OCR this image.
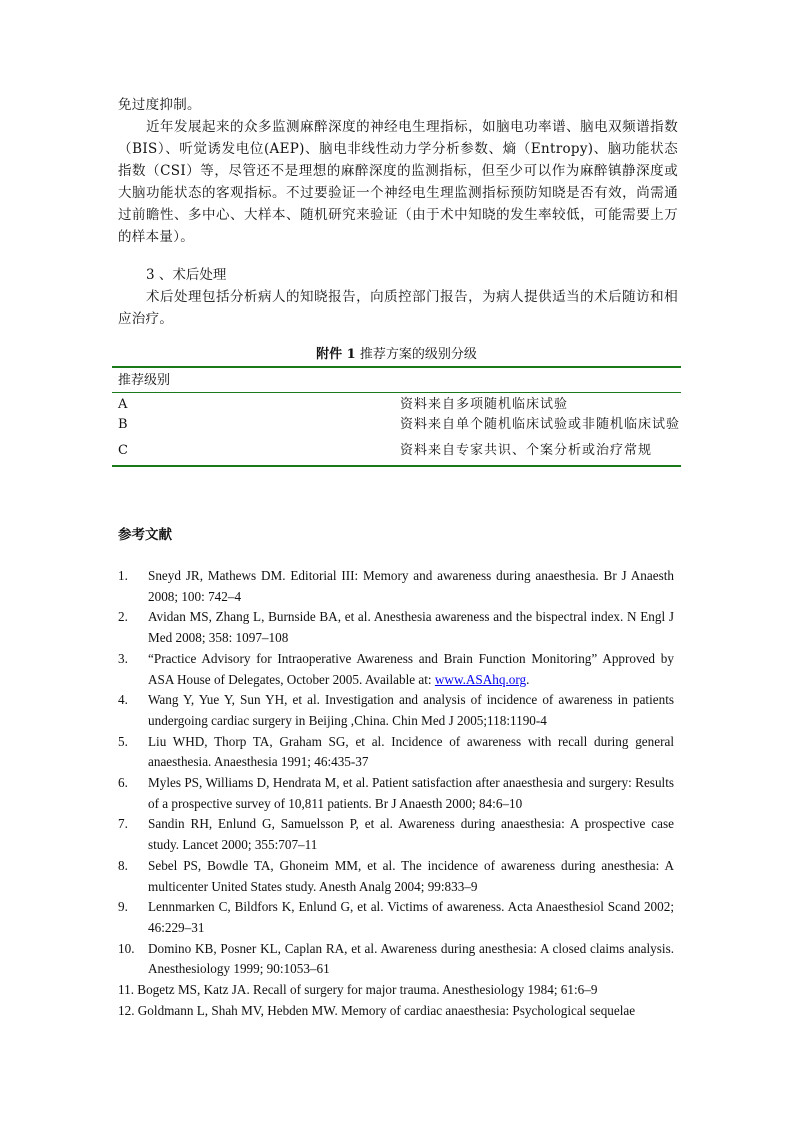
免过度抑制。

近年发展起来的众多监测麻醉深度的神经电生理指标，如脑电功率谱、脑电双频谱指数（BIS）、听觉诱发电位(AEP)、脑电非线性动力学分析参数、熵（Entropy)、脑功能状态指数（CSI）等，尽管还不是理想的麻醉深度的监测指标，但至少可以作为麻醉镇静深度或大脑功能状态的客观指标。不过要验证一个神经电生理监测指标预防知晓是否有效，尚需通过前瞻性、多中心、大样本、随机研究来验证（由于术中知晓的发生率较低，可能需要上万的样本量）。

3 、术后处理

术后处理包括分析病人的知晓报告，向质控部门报告，为病人提供适当的术后随访和相应治疗。

附件 1 推荐方案的级别分级
推荐级别
A	资料来自多项随机临床试验
B	资料来自单个随机临床试验或非随机临床试验
C	资料来自专家共识、个案分析或治疗常规
参考文献
1. Sneyd JR, Mathews DM. Editorial III: Memory and awareness during anaesthesia. Br J Anaesth 2008; 100: 742–4
2. Avidan MS, Zhang L, Burnside BA, et al. Anesthesia awareness and the bispectral index. N Engl J Med 2008; 358: 1097–108
3. “Practice Advisory for Intraoperative Awareness and Brain Function Monitoring” Approved by ASA House of Delegates, October 2005. Available at: www.ASAhq.org.
4. Wang Y, Yue Y, Sun YH, et al. Investigation and analysis of incidence of awareness in patients undergoing cardiac surgery in Beijing ,China. Chin Med J 2005;118:1190-4
5. Liu WHD, Thorp TA, Graham SG, et al. Incidence of awareness with recall during general anaesthesia. Anaesthesia 1991; 46:435-37
6. Myles PS, Williams D, Hendrata M, et al. Patient satisfaction after anaesthesia and surgery: Results of a prospective survey of 10,811 patients. Br J Anaesth 2000; 84:6–10
7. Sandin RH, Enlund G, Samuelsson P, et al. Awareness during anaesthesia: A prospective case study. Lancet 2000; 355:707–11
8. Sebel PS, Bowdle TA, Ghoneim MM, et al. The incidence of awareness during anesthesia: A multicenter United States study. Anesth Analg 2004; 99:833–9
9. Lennmarken C, Bildfors K, Enlund G, et al. Victims of awareness. Acta Anaesthesiol Scand 2002; 46:229–31
10. Domino KB, Posner KL, Caplan RA, et al. Awareness during anesthesia: A closed claims analysis. Anesthesiology 1999; 90:1053–61
11. Bogetz MS, Katz JA. Recall of surgery for major trauma. Anesthesiology 1984; 61:6–9
12. Goldmann L, Shah MV, Hebden MW. Memory of cardiac anaesthesia: Psychological sequelae
